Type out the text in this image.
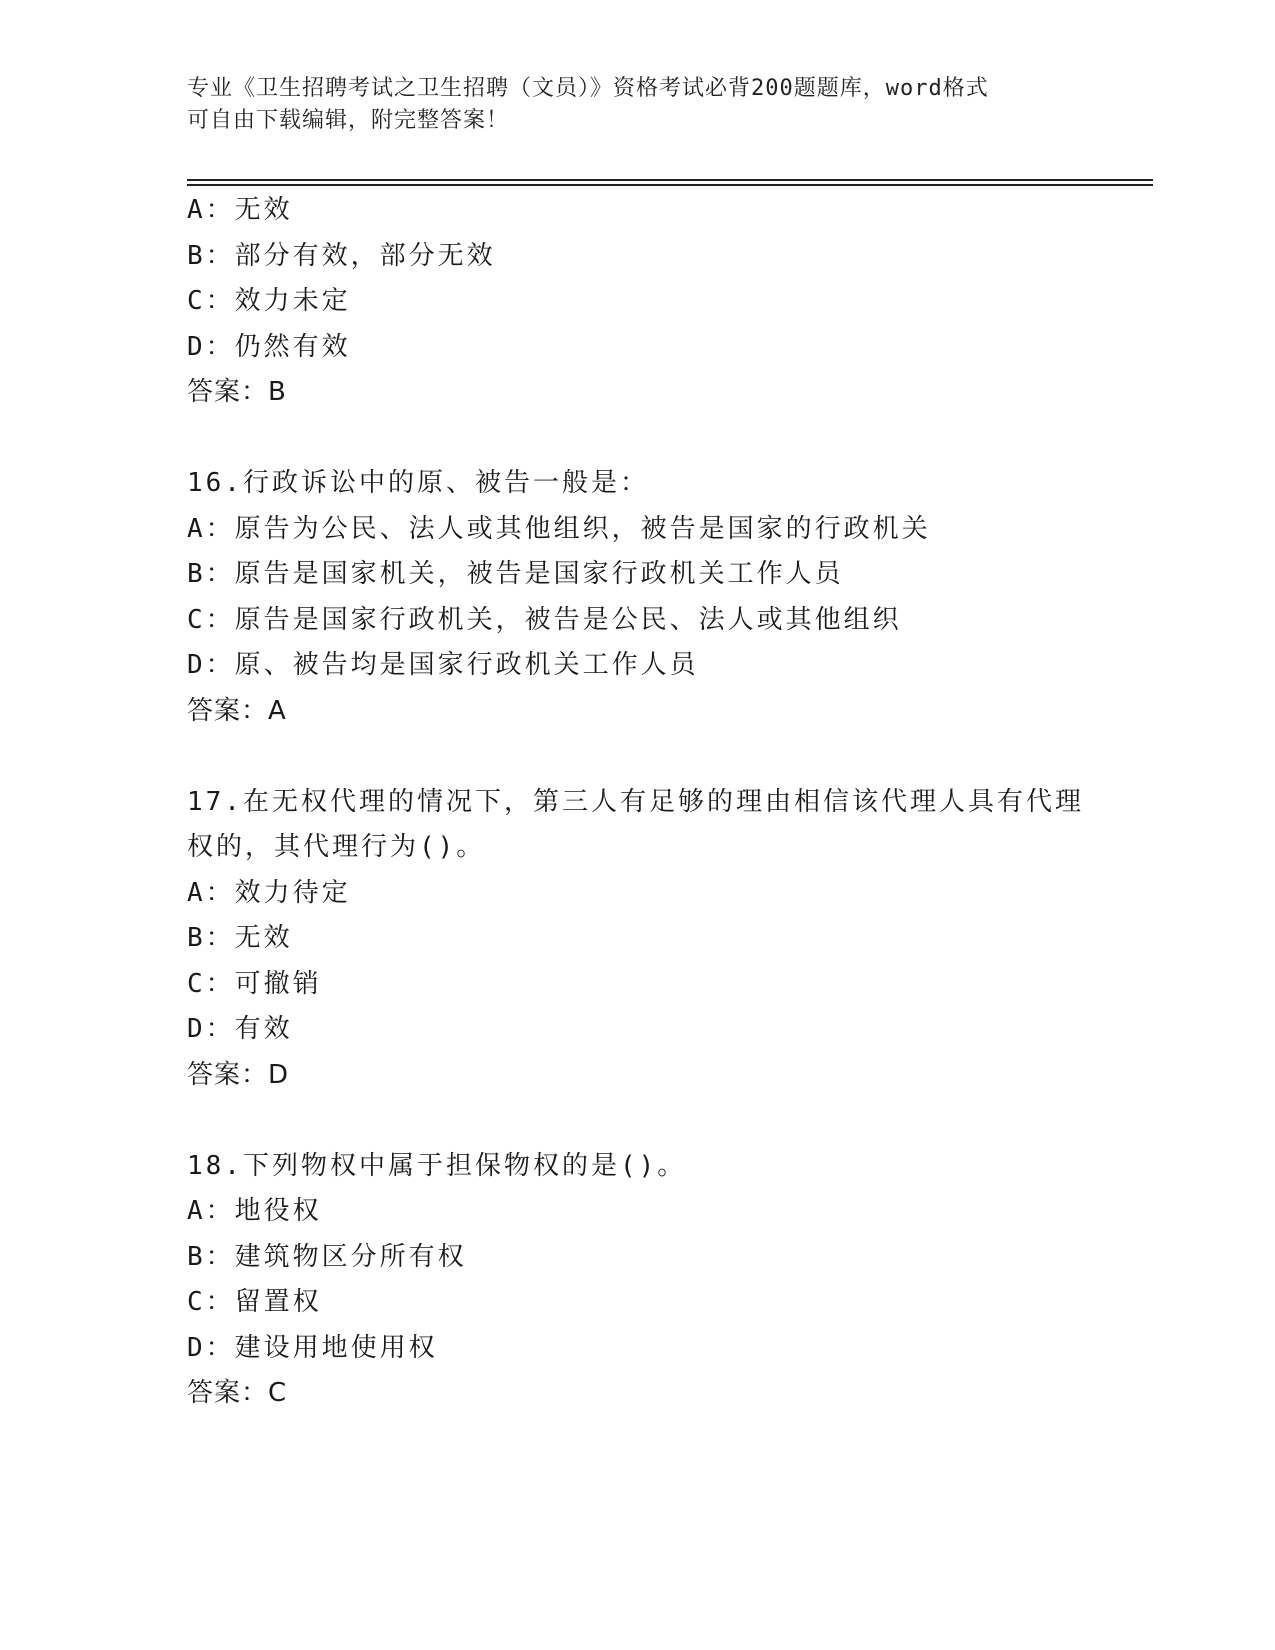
专业《卫生招聘考试之卫生招聘（文员）》资格考试必背200题题库，word格式
可自由下载编辑，附完整答案！
A：无效
B：部分有效，部分无效
C：效力未定
D：仍然有效
答案：B
16.行政诉讼中的原、被告一般是：
A：原告为公民、法人或其他组织，被告是国家的行政机关
B：原告是国家机关，被告是国家行政机关工作人员
C：原告是国家行政机关，被告是公民、法人或其他组织
D：原、被告均是国家行政机关工作人员
答案：A
17.在无权代理的情况下，第三人有足够的理由相信该代理人具有代理
权的，其代理行为()。
A：效力待定
B：无效
C：可撤销
D：有效
答案：D
18.下列物权中属于担保物权的是()。
A：地役权
B：建筑物区分所有权
C：留置权
D：建设用地使用权
答案：C
